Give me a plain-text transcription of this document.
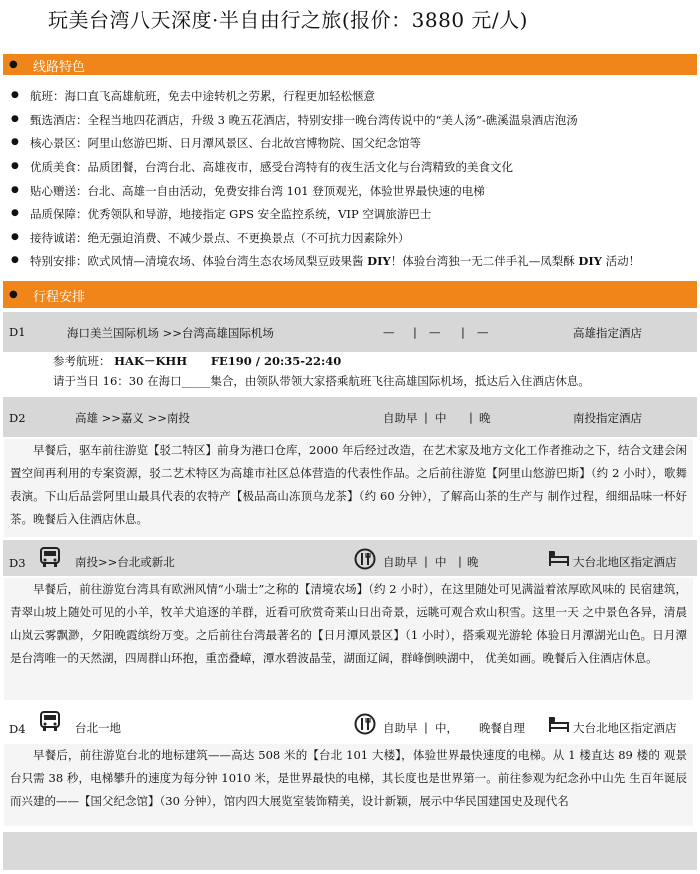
玩美台湾八天深度·半自由行之旅(报价：3880 元/人)
● 线路特色
● 航班：海口直飞高雄航班，免去中途转机之劳累，行程更加轻松惬意
● 甄选酒店：全程当地四花酒店，升级 3 晚五花酒店，特别安排一晚台湾传说中的“美人汤”-礁溪温泉酒店泡汤
● 核心景区：阿里山悠游巴斯、日月潭风景区、台北故宫博物院、国父纪念馆等
● 优质美食：品质团餐，台湾台北、高雄夜市，感受台湾特有的夜生活文化与台湾精致的美食文化
● 贴心赠送：台北、高雄一自由活动，免费安排台湾 101 登顶观光，体验世界最快速的电梯
● 品质保障：优秀领队和导游，地接指定 GPS 安全监控系统，VIP 空调旅游巴士
● 接待诚诺：绝无强迫消费、不减少景点、不更换景点（不可抗力因素除外）
● 特别安排：欧式风情—清境农场、体验台湾生态农场凤梨豆豉果酱 DIY！体验台湾独一无二伴手礼—凤梨酥 DIY 活动！
● 行程安排
D1	海口美兰国际机场 >>台湾高雄国际机场	— | — | —	高雄指定酒店
参考航班： HAK－KHH FE190 / 20:35-22:40
请于当日 16：30 在海口_____集合，由领队带领大家搭乘航班飞往高雄国际机场，抵达后入住酒店休息。
D2	高雄 >>嘉义 >>南投	自助早 | 中 | 晚	南投指定酒店

早餐后，驱车前往游览【驳二特区】前身为港口仓库，2000 年后经过改造，在艺术家及地方文化工作者推动之下，结合文建会闲置空间再利用的专案资源，驳二艺术特区为高雄市社区总体营造的代表性作品。之后前往游览【阿里山悠游巴斯】（约 2 小时），歌舞表演。下山后品尝阿里山最具代表的农特产【极品高山冻顶乌龙茶】（约 60 分钟），了解高山茶的生产与 制作过程，细细品味一杯好茶。晚餐后入住酒店休息。

D3	南投>>台北或新北	自助早 | 中 | 晚	大台北地区指定酒店

早餐后，前往游览台湾具有欧洲风情“小瑞士”之称的【清境农场】（约 2 小时），在这里随处可见满溢着浓厚欧风味的 民宿建筑，青翠山坡上随处可见的小羊，牧羊犬追逐的羊群，近看可欣赏奇莱山日出奇景，远眺可观合欢山积雪。这里一天 之中景色各异，清晨山岚云雾飘渺，夕阳晚霞缤纷万变。之后前往台湾最著名的【日月潭风景区】（1 小时），搭乘观光游轮 体验日月潭湖光山色。日月潭是台湾唯一的天然湖，四周群山环抱，重峦叠嶂，潭水碧波晶莹，湖面辽阔，群峰倒映湖中， 优美如画。晚餐后入住酒店休息。

D4	台北一地	自助早 | 中， 晚餐自理	大台北地区指定酒店

早餐后，前往游览台北的地标建筑——高达 508 米的【台北 101 大楼】，体验世界最快速度的电梯。从 1 楼直达 89 楼的 观景台只需 38 秒，电梯攀升的速度为每分钟 1010 米，是世界最快的电梯，其长度也是世界第一。前往参观为纪念孙中山先 生百年诞辰而兴建的——【国父纪念馆】（30 分钟），馆内四大展览室装饰精美，设计新颖，展示中华民国建国史及现代名
